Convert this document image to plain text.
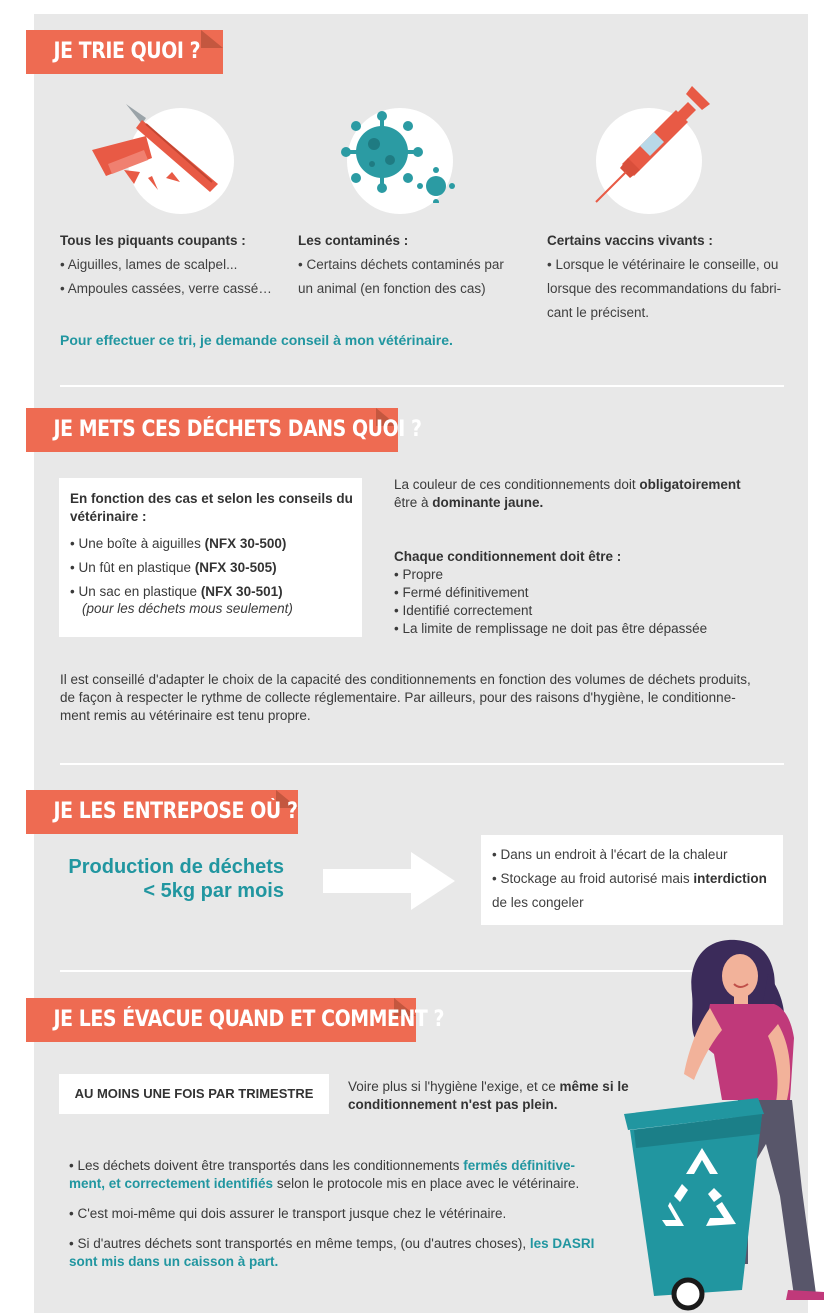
JE TRIE QUOI ?
Tous les piquants coupants :
• Aiguilles, lames de scalpel...
• Ampoules cassées, verre cassé…
Les contaminés :
• Certains déchets contaminés par
un animal (en fonction des cas)
Certains vaccins vivants :
• Lorsque le vétérinaire le conseille, ou
lorsque des recommandations du fabri-
cant le précisent.
Pour effectuer ce tri, je demande conseil à mon vétérinaire.
JE METS CES DÉCHETS DANS QUOI ?
En fonction des cas et selon les conseils du
vétérinaire :
• Une boîte à aiguilles (NFX 30-500)
• Un fût en plastique (NFX 30-505)
• Un sac en plastique (NFX 30-501)
(pour les déchets mous seulement)
La couleur de ces conditionnements doit obligatoirement
être à dominante jaune.
Chaque conditionnement doit être :
• Propre
• Fermé définitivement
• Identifié correctement
• La limite de remplissage ne doit pas être dépassée
Il est conseillé d'adapter le choix de la capacité des conditionnements en fonction des volumes de déchets produits,
de façon à respecter le rythme de collecte réglementaire. Par ailleurs, pour des raisons d'hygiène, le conditionne-
ment remis au vétérinaire est tenu propre.
JE LES ENTREPOSE OÙ ?
Production de déchets
< 5kg par mois
• Dans un endroit à l'écart de la chaleur
• Stockage au froid autorisé mais interdiction
de les congeler
JE LES ÉVACUE QUAND ET COMMENT ?
AU MOINS UNE FOIS PAR TRIMESTRE	Voire plus si l'hygiène l'exige, et ce même si le
conditionnement n'est pas plein.
• Les déchets doivent être transportés dans les conditionnements fermés définitive-
ment, et correctement identifiés selon le protocole mis en place avec le vétérinaire.
• C'est moi-même qui dois assurer le transport jusque chez le vétérinaire.
• Si d'autres déchets sont transportés en même temps, (ou d'autres choses), les DASRI
sont mis dans un caisson à part.
